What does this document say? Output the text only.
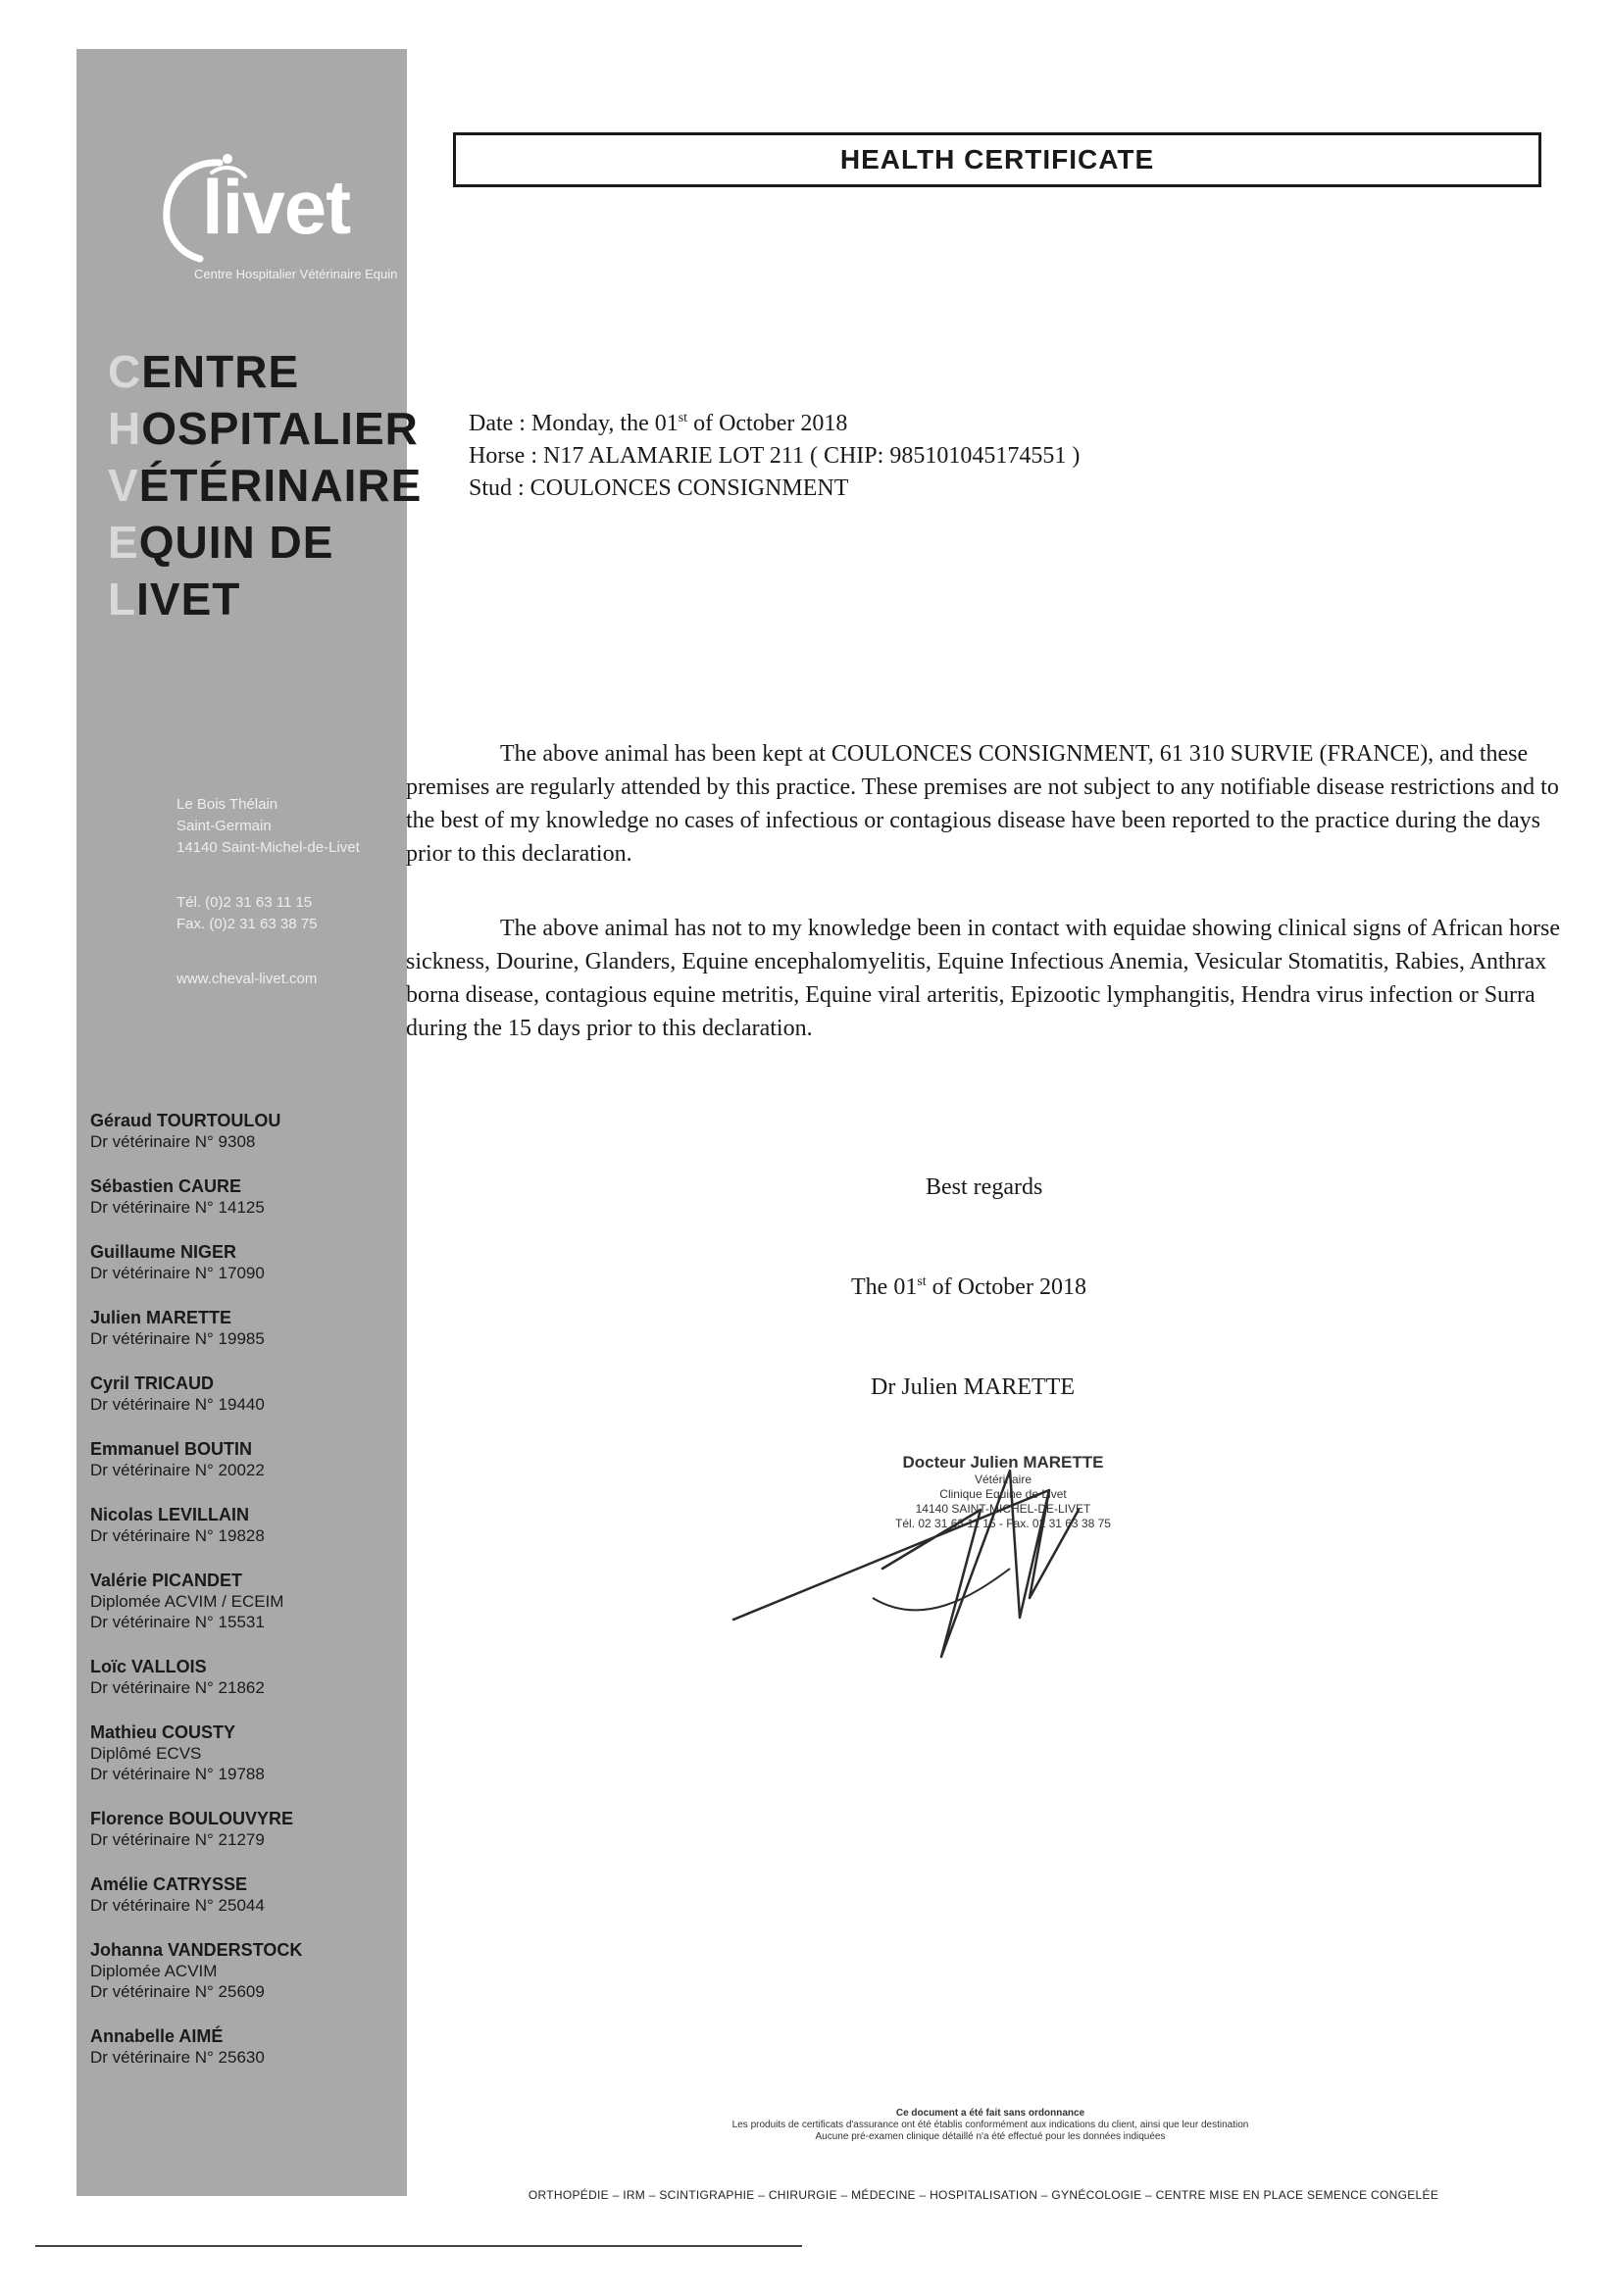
livet
Centre Hospitalier Vétérinaire Equin
CENTRE
HOSPITALIER
VÉTÉRINAIRE
EQUIN DE
LIVET
Le Bois Thélain
Saint-Germain
14140 Saint-Michel-de-Livet
Tél. (0)2 31 63 11 15
Fax. (0)2 31 63 38 75
www.cheval-livet.com
Géraud TOURTOULOU
Dr vétérinaire N° 9308
Sébastien CAURE
Dr vétérinaire N° 14125
Guillaume NIGER
Dr vétérinaire N° 17090
Julien MARETTE
Dr vétérinaire N° 19985
Cyril TRICAUD
Dr vétérinaire N° 19440
Emmanuel BOUTIN
Dr vétérinaire N° 20022
Nicolas LEVILLAIN
Dr vétérinaire N° 19828
Valérie PICANDET
Diplomée ACVIM / ECEIM
Dr vétérinaire N° 15531
Loïc VALLOIS
Dr vétérinaire N° 21862
Mathieu COUSTY
Diplômé ECVS
Dr vétérinaire N° 19788
Florence BOULOUVYRE
Dr vétérinaire N° 21279
Amélie CATRYSSE
Dr vétérinaire N° 25044
Johanna VANDERSTOCK
Diplomée ACVIM
Dr vétérinaire N° 25609
Annabelle AIMÉ
Dr vétérinaire N° 25630
HEALTH CERTIFICATE
Date : Monday, the 01st of October 2018
Horse : N17 ALAMARIE LOT 211 ( CHIP: 985101045174551 )
Stud : COULONCES CONSIGNMENT
The above animal has been kept at COULONCES CONSIGNMENT, 61 310 SURVIE (FRANCE), and these premises are regularly attended by this practice. These premises are not subject to any notifiable disease restrictions and to the best of my knowledge no cases of infectious or contagious disease have been reported to the practice during the days prior to this declaration.
The above animal has not to my knowledge been in contact with equidae showing clinical signs of African horse sickness, Dourine, Glanders, Equine encephalomyelitis, Equine Infectious Anemia, Vesicular Stomatitis, Rabies, Anthrax borna disease, contagious equine metritis, Equine viral arteritis, Epizootic lymphangitis, Hendra virus infection or Surra during the 15 days prior to this declaration.
Best regards
The 01st of October 2018
Dr Julien MARETTE
Docteur Julien MARETTE
Vétérinaire
Clinique Equine de Livet
14140 SAINT-MICHEL-DE-LIVET
Tél. 02 31 63 11 15 - Fax. 02 31 63 38 75
Ce document a été fait sans ordonnance
Les produits de certificats d'assurance ont été établis conformément aux indications du client, ainsi que leur destination
Aucune pré-examen clinique détaillé n'a été effectué pour les données indiquées
ORTHOPÉDIE – IRM – SCINTIGRAPHIE – CHIRURGIE – MÉDECINE – HOSPITALISATION – GYNÉCOLOGIE – CENTRE MISE EN PLACE SEMENCE CONGELÉE
